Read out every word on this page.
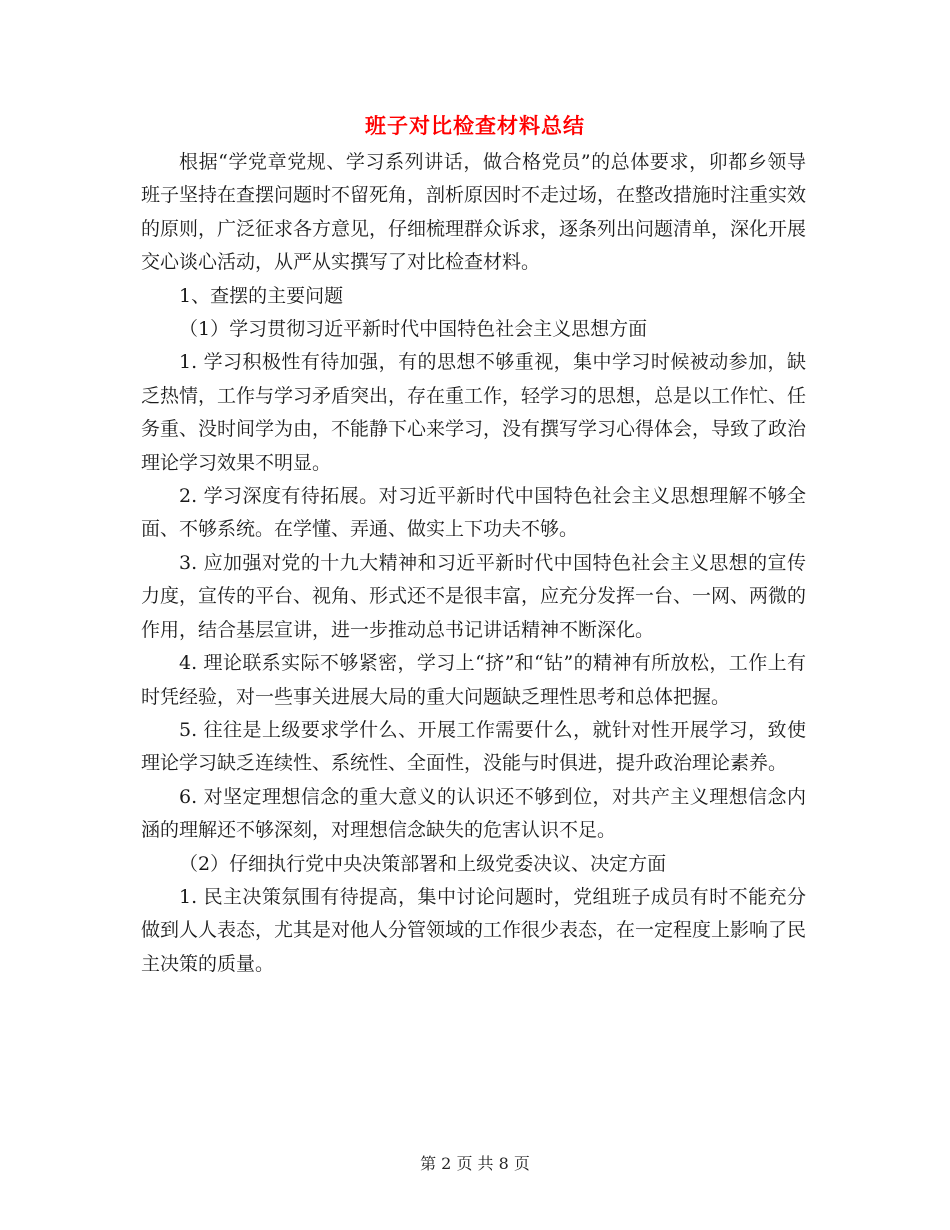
班子对比检查材料总结

根据“学党章党规、学习系列讲话，做合格党员”的总体要求，卯都乡领导班子坚持在查摆问题时不留死角，剖析原因时不走过场，在整改措施时注重实效的原则，广泛征求各方意见，仔细梳理群众诉求，逐条列出问题清单，深化开展交心谈心活动，从严从实撰写了对比检查材料。

1、查摆的主要问题

（1）学习贯彻习近平新时代中国特色社会主义思想方面

1. 学习积极性有待加强，有的思想不够重视，集中学习时候被动参加，缺乏热情，工作与学习矛盾突出，存在重工作，轻学习的思想，总是以工作忙、任务重、没时间学为由，不能静下心来学习，没有撰写学习心得体会，导致了政治理论学习效果不明显。

2. 学习深度有待拓展。对习近平新时代中国特色社会主义思想理解不够全面、不够系统。在学懂、弄通、做实上下功夫不够。

3. 应加强对党的十九大精神和习近平新时代中国特色社会主义思想的宣传力度，宣传的平台、视角、形式还不是很丰富，应充分发挥一台、一网、两微的作用，结合基层宣讲，进一步推动总书记讲话精神不断深化。

4. 理论联系实际不够紧密，学习上“挤”和“钻”的精神有所放松，工作上有时凭经验，对一些事关进展大局的重大问题缺乏理性思考和总体把握。

5. 往往是上级要求学什么、开展工作需要什么，就针对性开展学习，致使理论学习缺乏连续性、系统性、全面性，没能与时俱进，提升政治理论素养。

6. 对坚定理想信念的重大意义的认识还不够到位，对共产主义理想信念内涵的理解还不够深刻，对理想信念缺失的危害认识不足。

（2）仔细执行党中央决策部署和上级党委决议、决定方面

1. 民主决策氛围有待提高，集中讨论问题时，党组班子成员有时不能充分做到人人表态，尤其是对他人分管领域的工作很少表态，在一定程度上影响了民主决策的质量。

第 2 页 共 8 页
